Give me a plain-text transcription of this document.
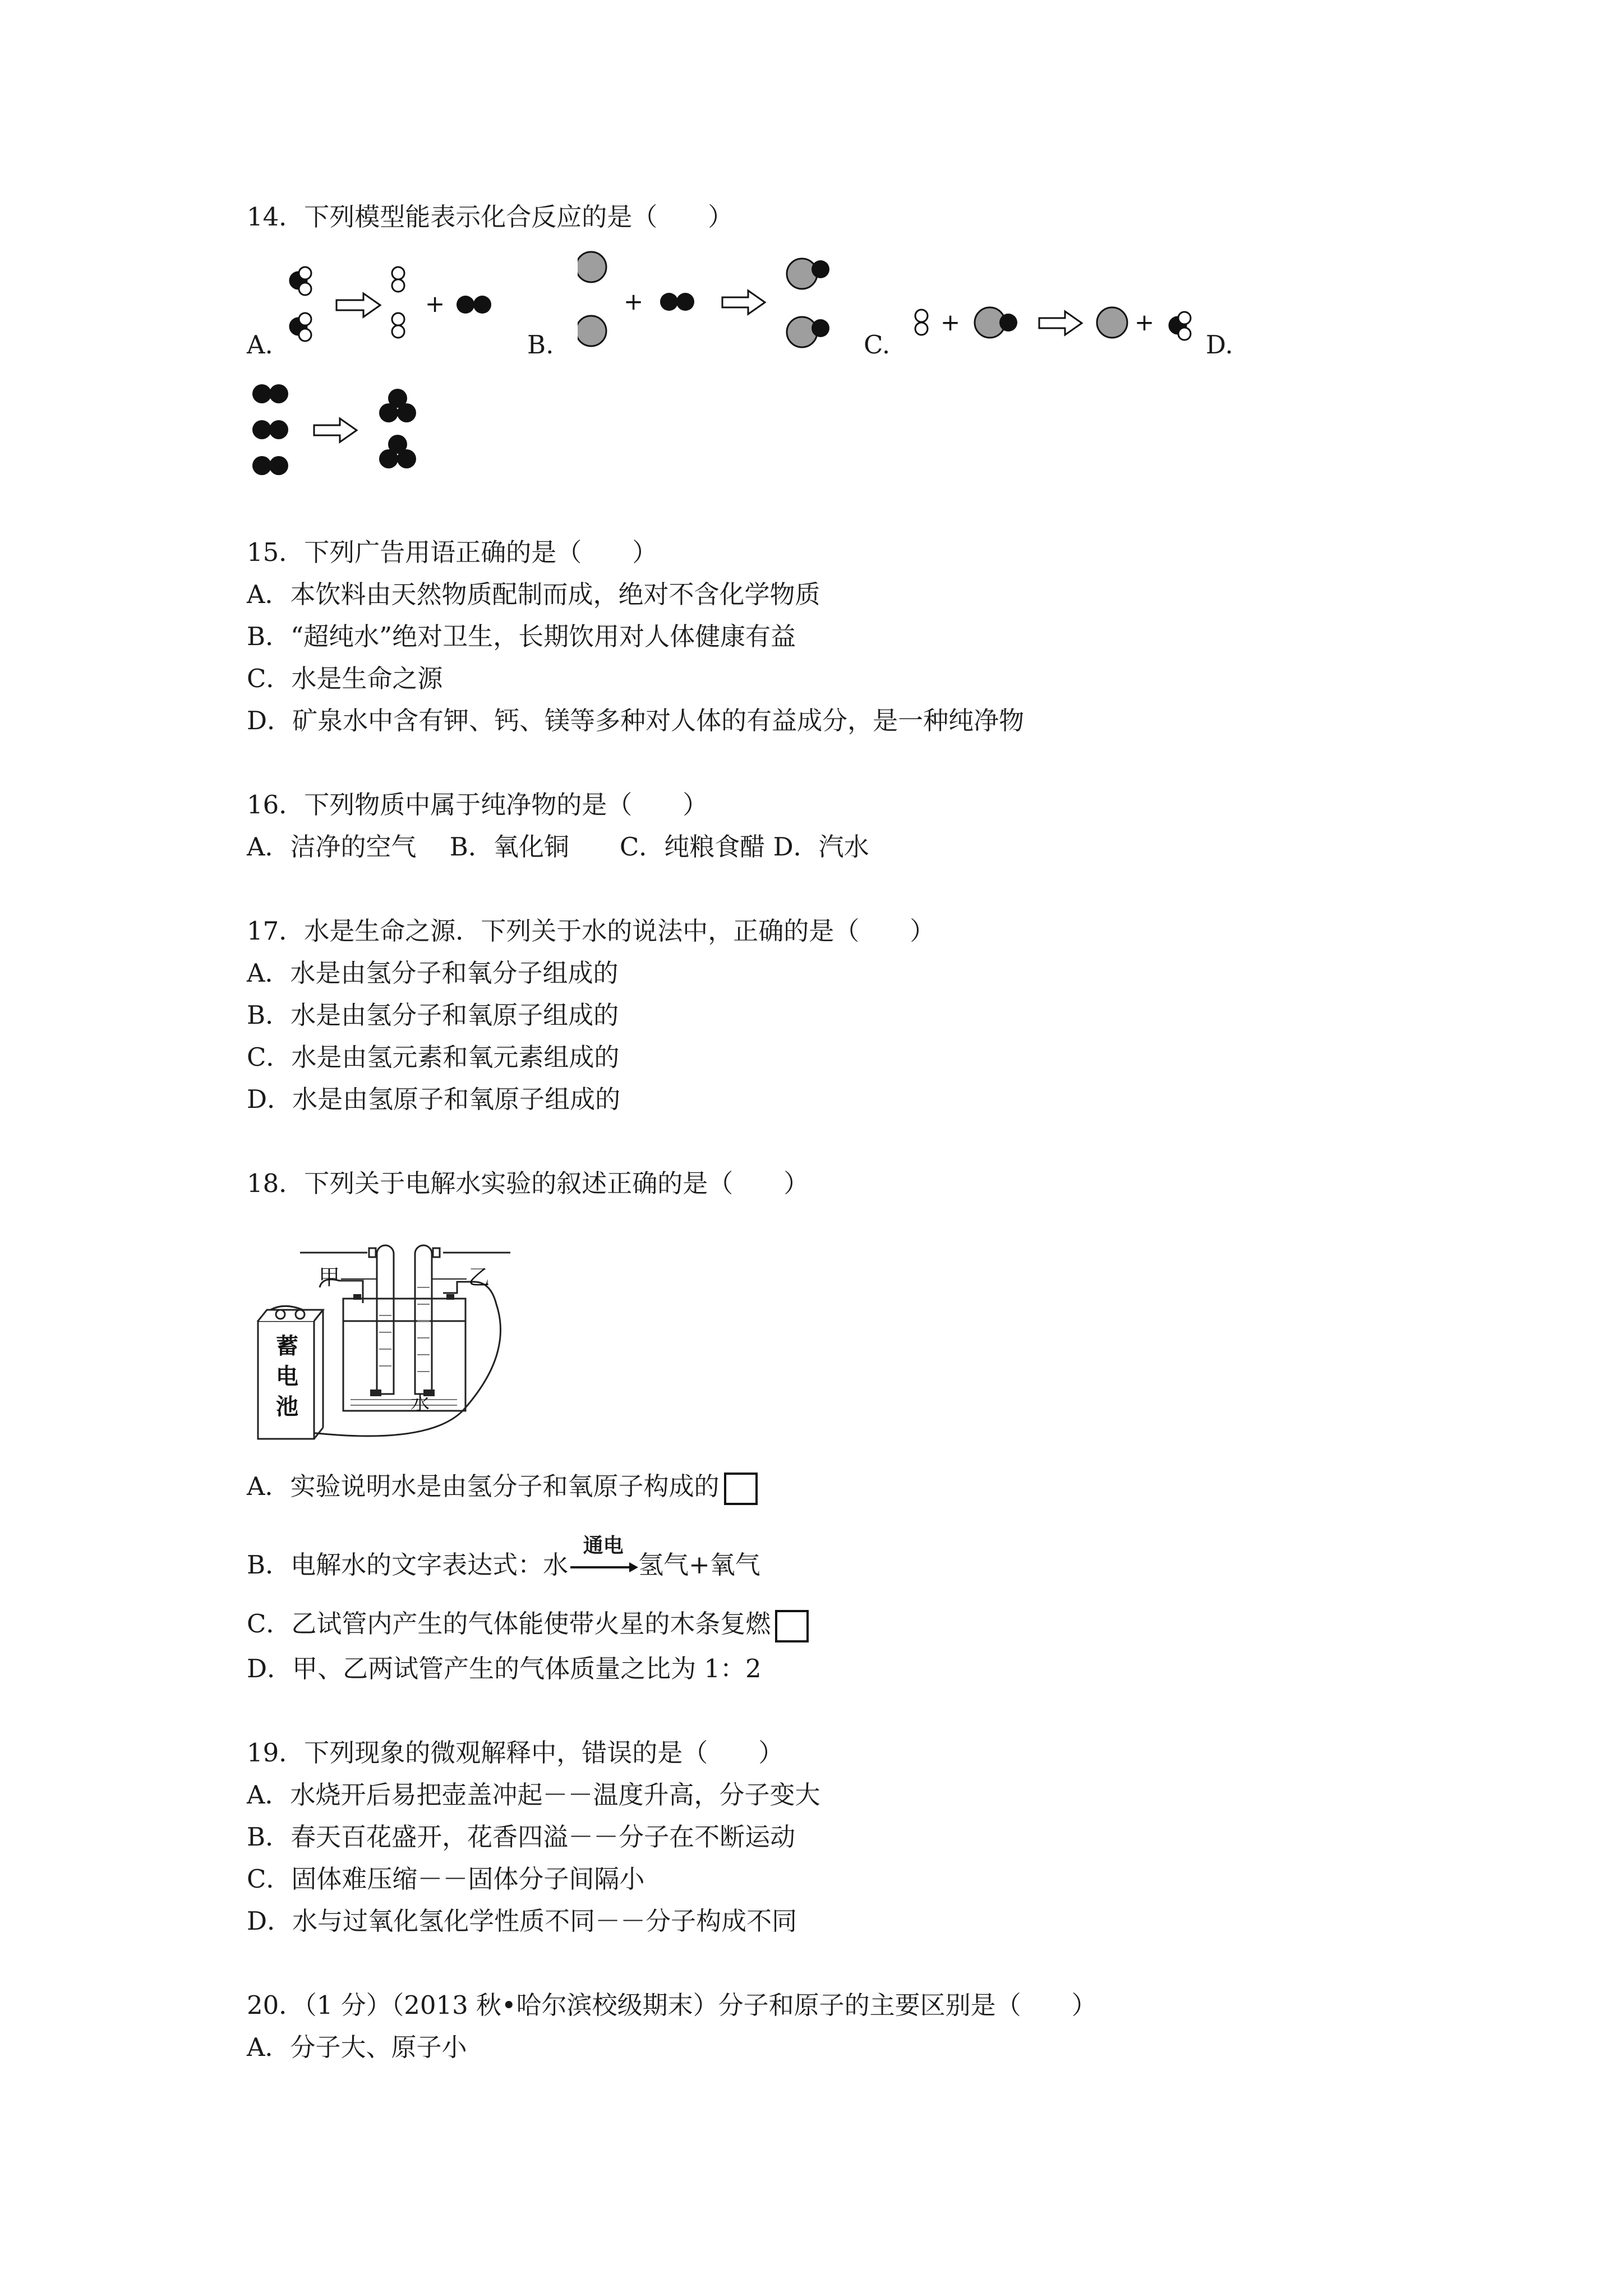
14．下列模型能表示化合反应的是（　　）
+
A.
+
B.
+	+
C.	D.
15．下列广告用语正确的是（　　）
A．本饮料由天然物质配制而成，绝对不含化学物质
B．“超纯水”绝对卫生，长期饮用对人体健康有益
C．水是生命之源
D．矿泉水中含有钾、钙、镁等多种对人体的有益成分，是一种纯净物
16．下列物质中属于纯净物的是（　　）
A．洁净的空气　 B．氧化铜　　C．纯粮食醋 D．汽水
17．水是生命之源．下列关于水的说法中，正确的是（　　）
A．水是由氢分子和氧分子组成的
B．水是由氢分子和氧原子组成的
C．水是由氢元素和氧元素组成的
D．水是由氢原子和氧原子组成的
18．下列关于电解水实验的叙述正确的是（　　）
甲	乙
水
蓄
电
池
A．实验说明水是由氢分子和氧原子构成的
B．电解水的文字表达式：水
通电
氢气+氧气
C．乙试管内产生的气体能使带火星的木条复燃
D．甲、乙两试管产生的气体质量之比为 1：2
19．下列现象的微观解释中，错误的是（　　）
A．水烧开后易把壶盖冲起－－温度升高，分子变大
B．春天百花盛开，花香四溢－－分子在不断运动
C．固体难压缩－－固体分子间隔小
D．水与过氧化氢化学性质不同－－分子构成不同
20．（1 分）（2013 秋•哈尔滨校级期末）分子和原子的主要区别是（　　）
A．分子大、原子小
